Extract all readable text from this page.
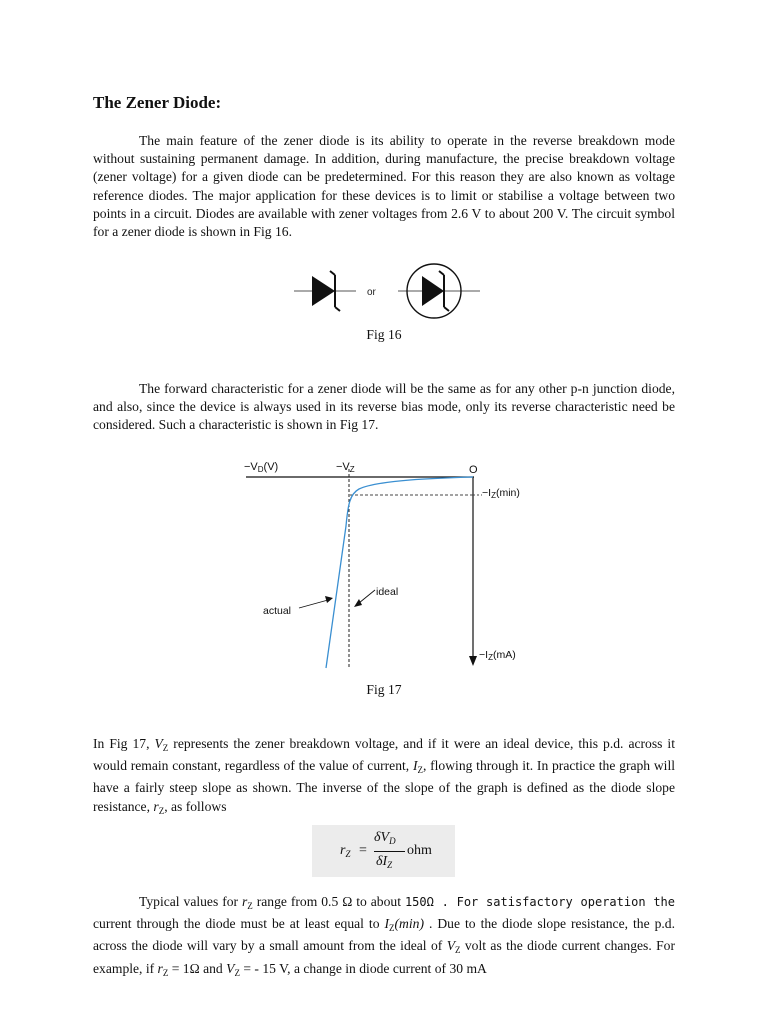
The Zener Diode:
The main feature of the zener diode is its ability to operate in the reverse breakdown mode without sustaining permanent damage. In addition, during manufacture, the precise breakdown voltage (zener voltage) for a given diode can be predetermined. For this reason they are also known as voltage reference diodes. The major application for these devices is to limit or stabilise a voltage between two points in a circuit. Diodes are available with zener voltages from 2.6 V to about 200 V. The circuit symbol for a zener diode is shown in Fig 16.
or
Fig 16
The forward characteristic for a zener diode will be the same as for any other p-n junction diode, and also, since the device is always used in its reverse bias mode, only its reverse characteristic need be considered. Such a characteristic is shown in Fig 17.
−VD(V)	−VZ	O
−IZ(min)
−IZ(mA)
ideal
actual
Fig 17
In Fig 17, $V_Z$ represents the zener breakdown voltage, and if it were an ideal device, this p.d. across it would remain constant, regardless of the value of current, $I_Z$, flowing through it. In practice the graph will have a fairly steep slope as shown. The inverse of the slope of the graph is defined as the diode slope resistance, $r_Z$, as follows
$r_Z$ =
$\delta V_D$
$\delta I_Z$
ohm
Typical values for $r_Z$ range from 0.5 Ω to about 150Ω . For satisfactory operation the current through the diode must be at least equal to $I_Z(\min)$ . Due to the diode slope resistance, the p.d. across the diode will vary by a small amount from the ideal of $V_Z$ volt as the diode current changes. For example, if $r_Z = 1\Omega$ and $V_Z$ = - 15 V, a change in diode current of 30 mA
